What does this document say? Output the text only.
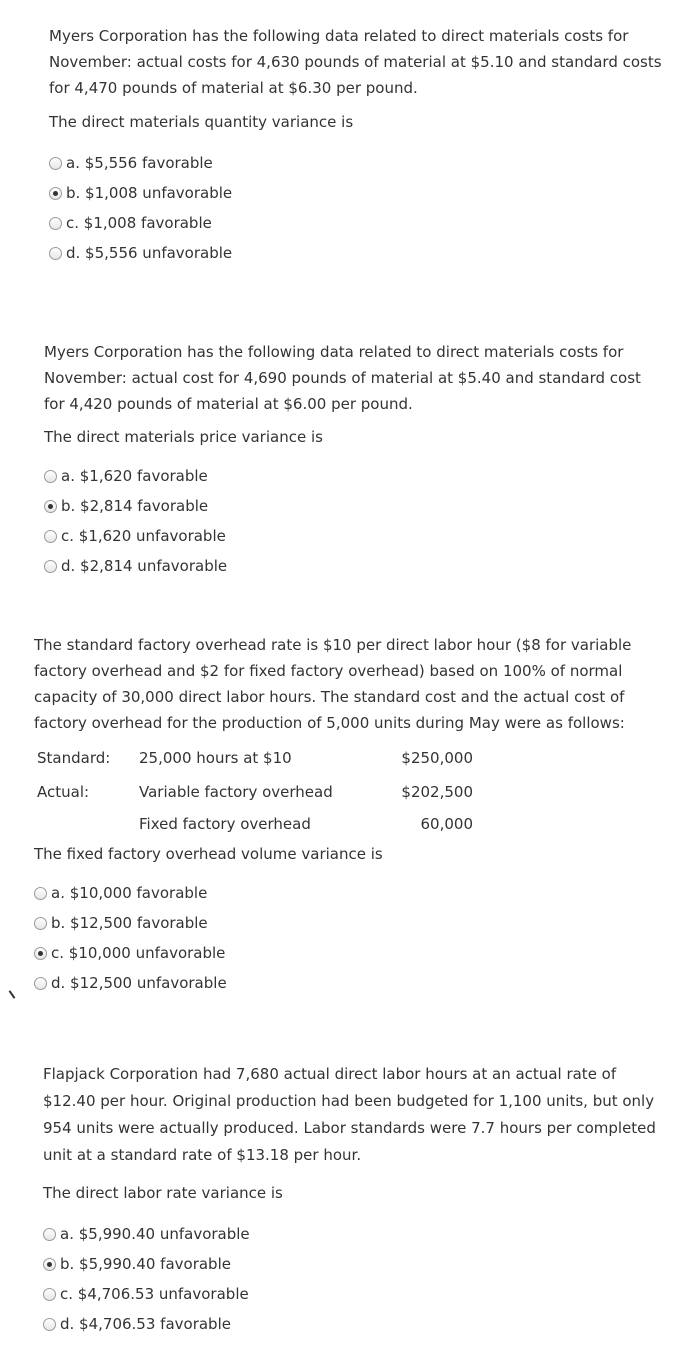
Myers Corporation has the following data related to direct materials costs for November: actual costs for 4,630 pounds of material at $5.10 and standard costs for 4,470 pounds of material at $6.30 per pound.

The direct materials quantity variance is

a. $5,556 favorable
b. $1,008 unfavorable
c. $1,008 favorable
d. $5,556 unfavorable

Myers Corporation has the following data related to direct materials costs for November: actual cost for 4,690 pounds of material at $5.40 and standard cost for 4,420 pounds of material at $6.00 per pound.

The direct materials price variance is

a. $1,620 favorable
b. $2,814 favorable
c. $1,620 unfavorable
d. $2,814 unfavorable

The standard factory overhead rate is $10 per direct labor hour ($8 for variable factory overhead and $2 for fixed factory overhead) based on 100% of normal capacity of 30,000 direct labor hours. The standard cost and the actual cost of factory overhead for the production of 5,000 units during May were as follows:

Standard: 25,000 hours at $10	$250,000
Actual:	Variable factory overhead	$202,500
Fixed factory overhead	60,000

The fixed factory overhead volume variance is

a. $10,000 favorable
b. $12,500 favorable
c. $10,000 unfavorable
d. $12,500 unfavorable

Flapjack Corporation had 7,680 actual direct labor hours at an actual rate of $12.40 per hour. Original production had been budgeted for 1,100 units, but only 954 units were actually produced. Labor standards were 7.7 hours per completed unit at a standard rate of $13.18 per hour.

The direct labor rate variance is

a. $5,990.40 unfavorable
b. $5,990.40 favorable
c. $4,706.53 unfavorable
d. $4,706.53 favorable
